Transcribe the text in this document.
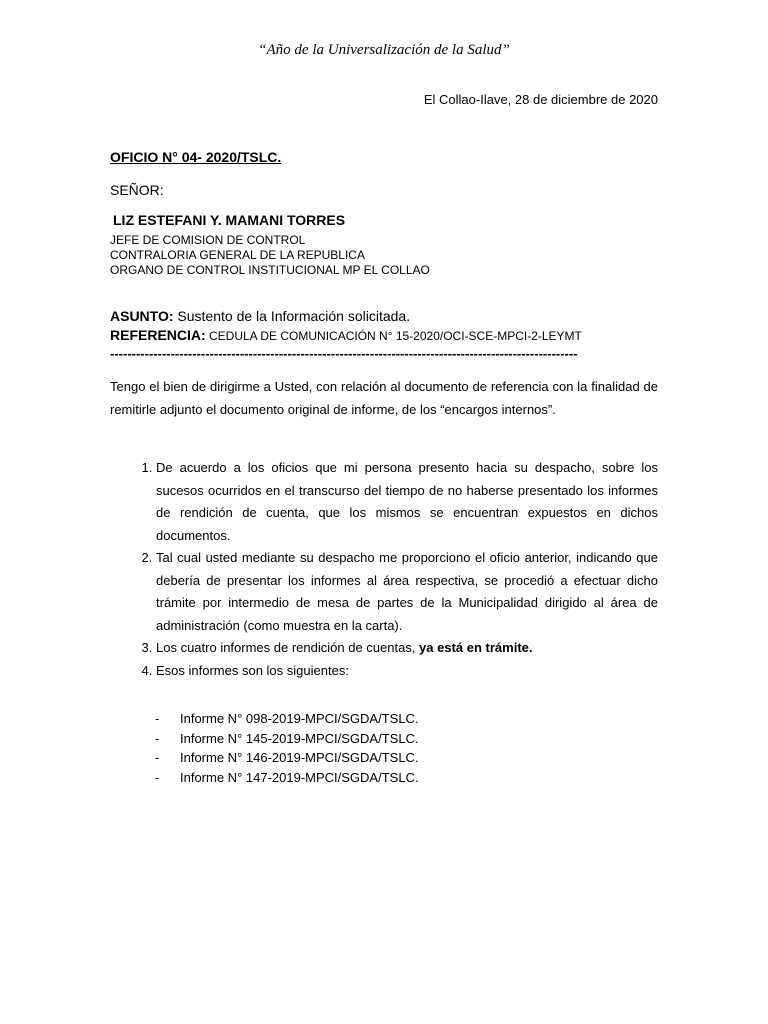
“Año de la Universalización de la Salud”
El Collao-Ilave, 28 de diciembre de 2020
OFICIO N° 04- 2020/TSLC.
SEÑOR:
LIZ ESTEFANI Y. MAMANI TORRES
JEFE DE COMISION DE CONTROL
CONTRALORIA GENERAL DE LA REPUBLICA
ORGANO DE CONTROL INSTITUCIONAL MP EL COLLAO
ASUNTO: Sustento de la Información solicitada.
REFERENCIA: CEDULA DE COMUNICACIÓN N° 15-2020/OCI-SCE-MPCI-2-LEYMT
------------------------------------------------------------------------------------------------------------

Tengo el bien de dirigirme a Usted, con relación al documento de referencia con la finalidad de remitirle adjunto el documento original de informe, de los “encargos internos”.

1. De acuerdo a los oficios que mi persona presento hacia su despacho, sobre los sucesos ocurridos en el transcurso del tiempo de no haberse presentado los informes de rendición de cuenta, que los mismos se encuentran expuestos en dichos documentos.
2. Tal cual usted mediante su despacho me proporciono el oficio anterior, indicando que debería de presentar los informes al área respectiva, se procedió a efectuar dicho trámite por intermedio de mesa de partes de la Municipalidad dirigido al área de administración (como muestra en la carta).
3. Los cuatro informes de rendición de cuentas, ya está en trámite.
4. Esos informes son los siguientes:
-	Informe N° 098-2019-MPCI/SGDA/TSLC.
-	Informe N° 145-2019-MPCI/SGDA/TSLC.
-	Informe N° 146-2019-MPCI/SGDA/TSLC.
-	Informe N° 147-2019-MPCI/SGDA/TSLC.
